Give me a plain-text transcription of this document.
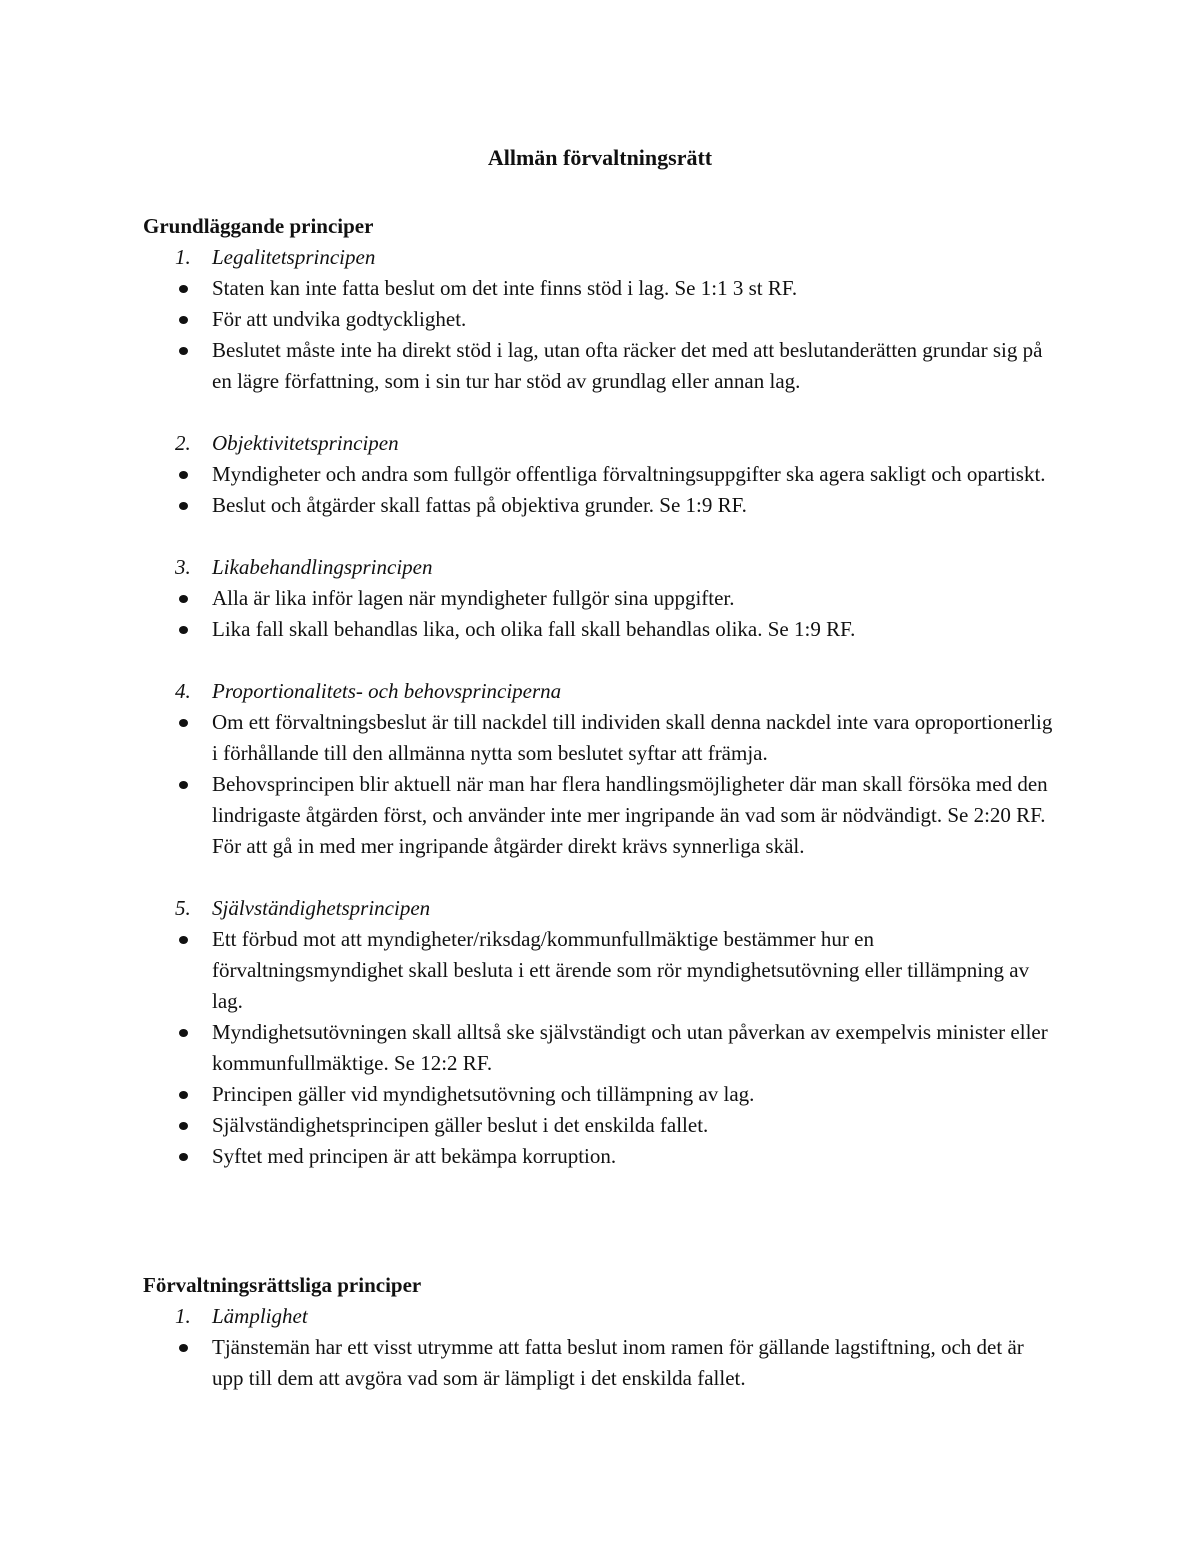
Allmän förvaltningsrätt
Grundläggande principer
1. Legalitetsprincipen
Staten kan inte fatta beslut om det inte finns stöd i lag. Se 1:1 3 st RF.
För att undvika godtycklighet.
Beslutet måste inte ha direkt stöd i lag, utan ofta räcker det med att beslutanderätten grundar sig på en lägre författning, som i sin tur har stöd av grundlag eller annan lag.
2. Objektivitetsprincipen
Myndigheter och andra som fullgör offentliga förvaltningsuppgifter ska agera sakligt och opartiskt.
Beslut och åtgärder skall fattas på objektiva grunder. Se 1:9 RF.
3. Likabehandlingsprincipen
Alla är lika inför lagen när myndigheter fullgör sina uppgifter.
Lika fall skall behandlas lika, och olika fall skall behandlas olika. Se 1:9 RF.
4. Proportionalitets- och behovsprinciperna
Om ett förvaltningsbeslut är till nackdel till individen skall denna nackdel inte vara oproportionerlig i förhållande till den allmänna nytta som beslutet syftar att främja.
Behovsprincipen blir aktuell när man har flera handlingsmöjligheter där man skall försöka med den lindrigaste åtgärden först, och använder inte mer ingripande än vad som är nödvändigt. Se 2:20 RF. För att gå in med mer ingripande åtgärder direkt krävs synnerliga skäl.
5. Självständighetsprincipen
Ett förbud mot att myndigheter/riksdag/kommunfullmäktige bestämmer hur en förvaltningsmyndighet skall besluta i ett ärende som rör myndighetsutövning eller tillämpning av lag.
Myndighetsutövningen skall alltså ske självständigt och utan påverkan av exempelvis minister eller kommunfullmäktige. Se 12:2 RF.
Principen gäller vid myndighetsutövning och tillämpning av lag.
Självständighetsprincipen gäller beslut i det enskilda fallet.
Syftet med principen är att bekämpa korruption.
Förvaltningsrättsliga principer
1. Lämplighet
Tjänstemän har ett visst utrymme att fatta beslut inom ramen för gällande lagstiftning, och det är upp till dem att avgöra vad som är lämpligt i det enskilda fallet.
